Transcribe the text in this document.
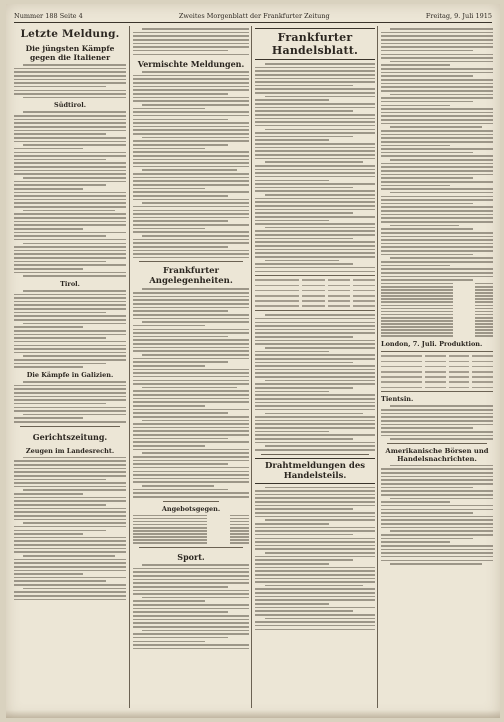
Nummer 188 Seite 4	Zweites Morgenblatt der Frankfurter Zeitung	Freitag, 9. Juli 1915
Letzte Meldung.
Die jüngsten Kämpfe gegen die Italiener
Südtirol.
Tirol.
Die Kämpfe in Galizien.
Gerichtszeitung.
Zeugen im Landesrecht.
Vermischte Meldungen.
Frankfurter Angelegenheiten.
Angebotsgegen.
Sport.
Frankfurter Handelsblatt.
Drahtmeldungen des Handelsteils.
London, 7. Juli. Produktion.
Tientsin.
Amerikanische Börsen und Handelsnachrichten.
